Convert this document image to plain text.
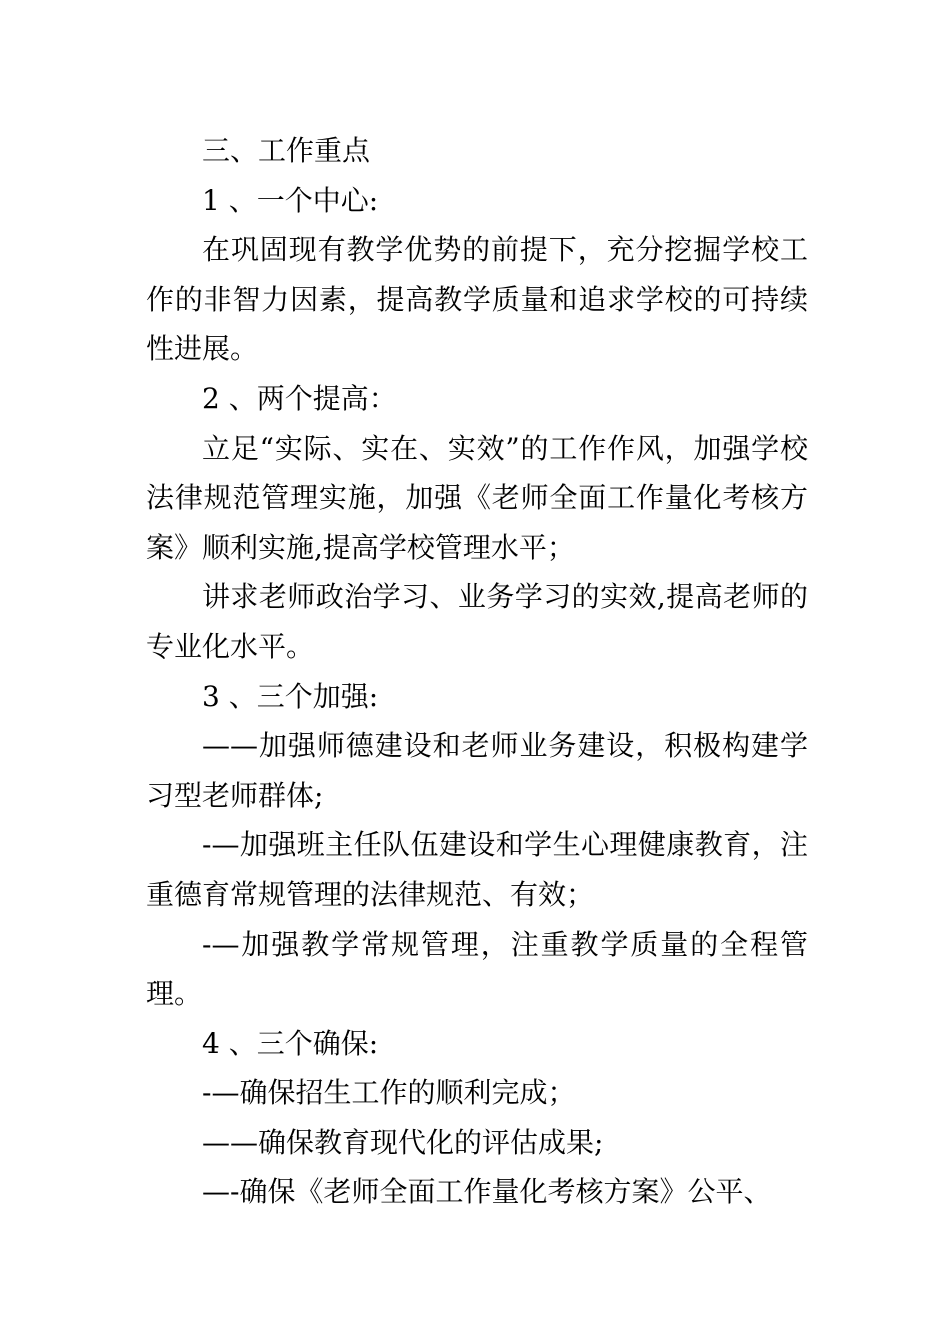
三、工作重点

1 、一个中心:

在巩固现有教学优势的前提下，充分挖掘学校工作的非智力因素，提高教学质量和追求学校的可持续性进展。

2 、两个提高：

立足“实际、实在、实效”的工作作风，加强学校法律规范管理实施，加强《老师全面工作量化考核方案》顺利实施,提高学校管理水平；

讲求老师政治学习、业务学习的实效,提高老师的专业化水平。

3 、三个加强:

——加强师德建设和老师业务建设，积极构建学习型老师群体;

-—加强班主任队伍建设和学生心理健康教育，注重德育常规管理的法律规范、有效；

-—加强教学常规管理，注重教学质量的全程管理。

4 、三个确保:

-—确保招生工作的顺利完成；

——确保教育现代化的评估成果;

—-确保《老师全面工作量化考核方案》公平、
